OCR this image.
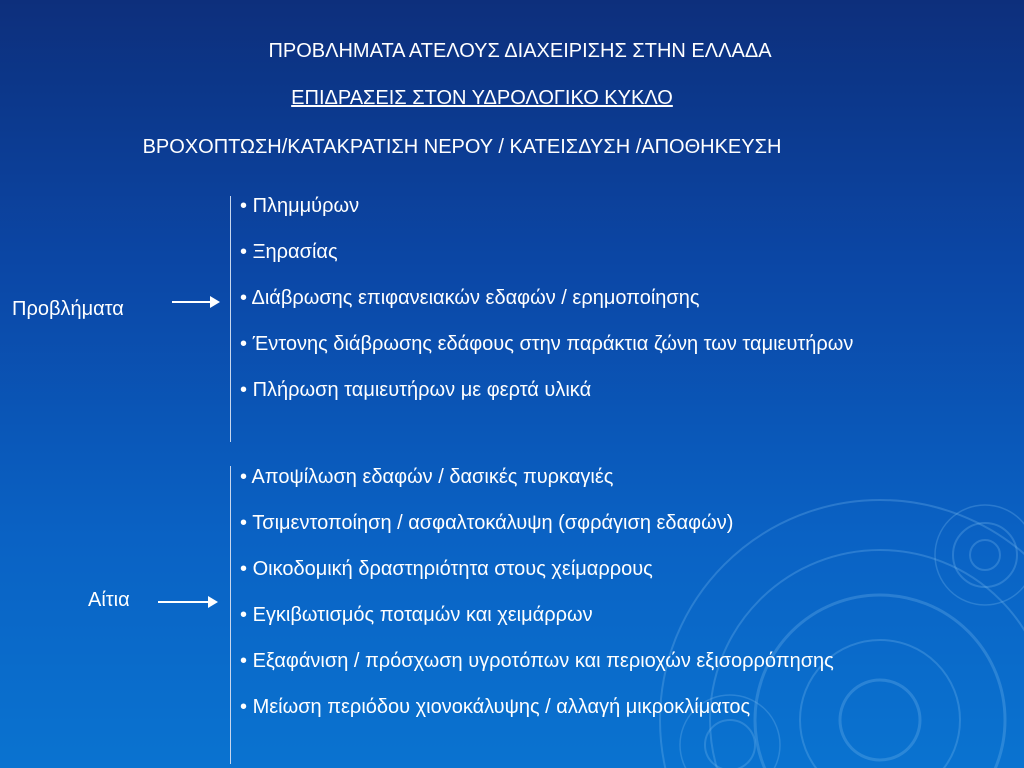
ΠΡΟΒΛΗΜΑΤΑ ΑΤΕΛΟΥΣ ΔΙΑΧΕΙΡΙΣΗΣ ΣΤΗΝ ΕΛΛΑΔΑ
ΕΠΙΔΡΑΣΕΙΣ ΣΤΟΝ ΥΔΡΟΛΟΓΙΚΟ ΚΥΚΛΟ
ΒΡΟΧΟΠΤΩΣΗ/ΚΑΤΑΚΡΑΤΙΣΗ ΝΕΡΟΥ / ΚΑΤΕΙΣΔΥΣΗ /ΑΠΟΘΗΚΕΥΣΗ
Προβλήματα
• Πλημμύρων
• Ξηρασίας
• Διάβρωσης επιφανειακών εδαφών / ερημοποίησης
• Έντονης διάβρωσης εδάφους στην παράκτια ζώνη των ταμιευτήρων
• Πλήρωση ταμιευτήρων με φερτά υλικά
Αίτια
• Αποψίλωση εδαφών / δασικές πυρκαγιές
• Τσιμεντοποίηση / ασφαλτοκάλυψη (σφράγιση εδαφών)
• Οικοδομική δραστηριότητα στους χείμαρρους
• Εγκιβωτισμός ποταμών και χειμάρρων
• Εξαφάνιση / πρόσχωση υγροτόπων και περιοχών εξισορρόπησης
• Μείωση περιόδου χιονοκάλυψης / αλλαγή μικροκλίματος
